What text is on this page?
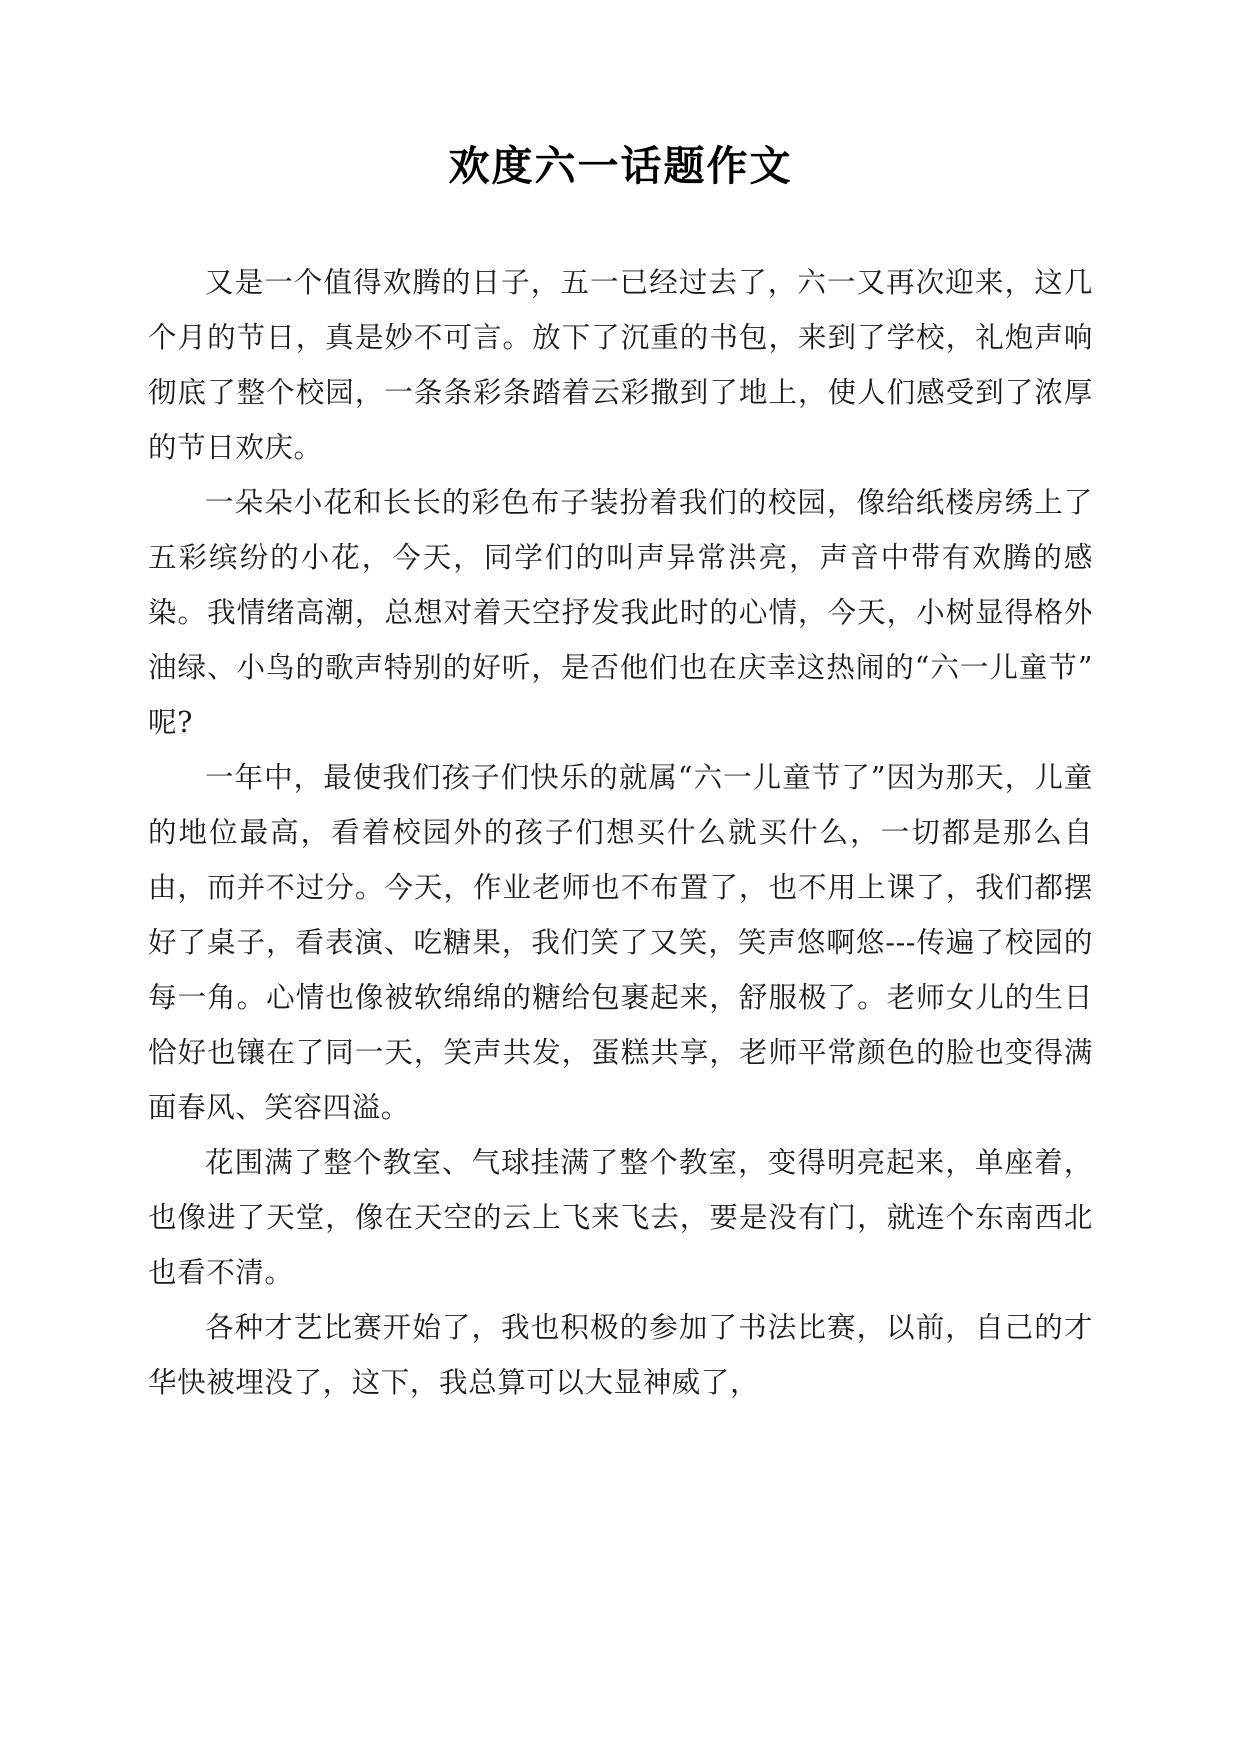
欢度六一话题作文

又是一个值得欢腾的日子，五一已经过去了，六一又再次迎来，这几个月的节日，真是妙不可言。放下了沉重的书包，来到了学校，礼炮声响彻底了整个校园，一条条彩条踏着云彩撒到了地上，使人们感受到了浓厚的节日欢庆。

一朵朵小花和长长的彩色布子装扮着我们的校园，像给纸楼房绣上了五彩缤纷的小花，今天，同学们的叫声异常洪亮，声音中带有欢腾的感染。我情绪高潮，总想对着天空抒发我此时的心情，今天，小树显得格外油绿、小鸟的歌声特别的好听，是否他们也在庆幸这热闹的“六一儿童节”呢?

一年中，最使我们孩子们快乐的就属“六一儿童节了”因为那天，儿童的地位最高，看着校园外的孩子们想买什么就买什么，一切都是那么自由，而并不过分。今天，作业老师也不布置了，也不用上课了，我们都摆好了桌子，看表演、吃糖果，我们笑了又笑，笑声悠啊悠---传遍了校园的每一角。心情也像被软绵绵的糖给包裹起来，舒服极了。老师女儿的生日恰好也镶在了同一天，笑声共发，蛋糕共享，老师平常颜色的脸也变得满面春风、笑容四溢。

花围满了整个教室、气球挂满了整个教室，变得明亮起来，单座着，也像进了天堂，像在天空的云上飞来飞去，要是没有门，就连个东南西北也看不清。

各种才艺比赛开始了，我也积极的参加了书法比赛，以前，自己的才华快被埋没了，这下，我总算可以大显神威了，
